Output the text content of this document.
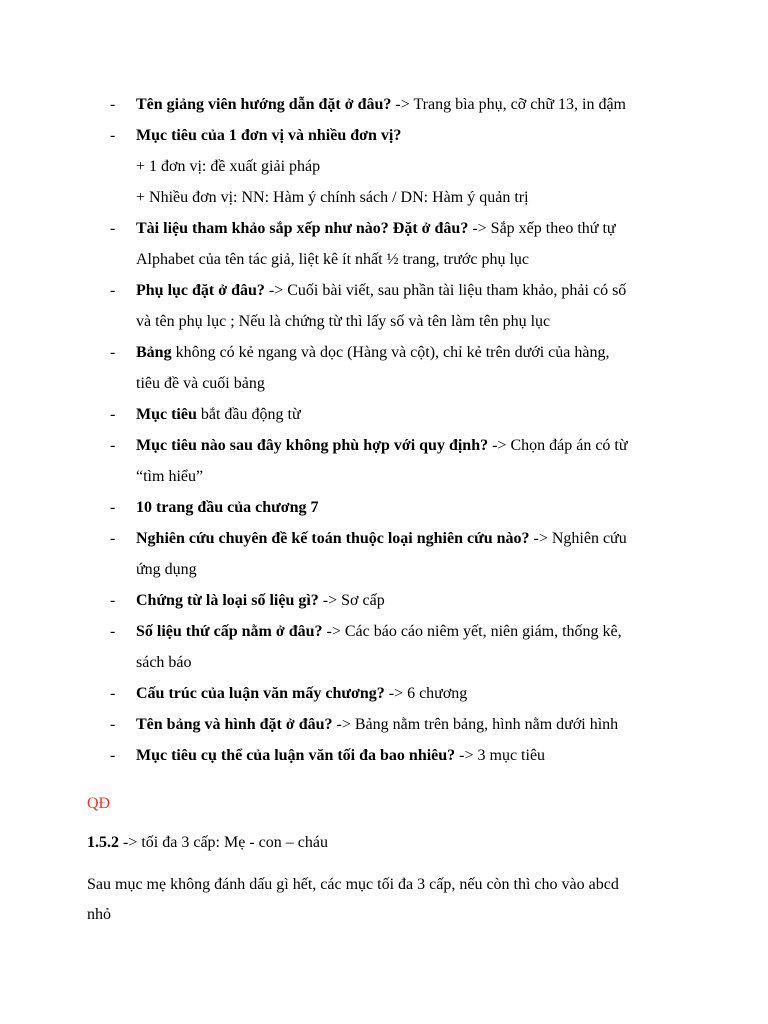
- Tên giảng viên hướng dẫn đặt ở đâu? -> Trang bìa phụ, cỡ chữ 13, in đậm
- Mục tiêu của 1 đơn vị và nhiều đơn vị?
+ 1 đơn vị: đề xuất giải pháp
+ Nhiều đơn vị: NN: Hàm ý chính sách / DN: Hàm ý quản trị
- Tài liệu tham khảo sắp xếp như nào? Đặt ở đâu? -> Sắp xếp theo thứ tự
Alphabet của tên tác giả, liệt kê ít nhất ½ trang, trước phụ lục
- Phụ lục đặt ở đâu? -> Cuối bài viết, sau phần tài liệu tham khảo, phải có số
và tên phụ lục ; Nếu là chứng từ thì lấy số và tên làm tên phụ lục
- Bảng không có kẻ ngang và dọc (Hàng và cột), chỉ kẻ trên dưới của hàng,
tiêu đề và cuối bảng
- Mục tiêu bắt đầu động từ
- Mục tiêu nào sau đây không phù hợp với quy định? -> Chọn đáp án có từ
“tìm hiểu”
- 10 trang đầu của chương 7
- Nghiên cứu chuyên đề kế toán thuộc loại nghiên cứu nào? -> Nghiên cứu
ứng dụng
- Chứng từ là loại số liệu gì? -> Sơ cấp
- Số liệu thứ cấp nằm ở đâu? -> Các báo cáo niêm yết, niên giám, thống kê,
sách báo
- Cấu trúc của luận văn mấy chương? -> 6 chương
- Tên bảng và hình đặt ở đâu? -> Bảng nằm trên bảng, hình nằm dưới hình
- Mục tiêu cụ thể của luận văn tối đa bao nhiêu? -> 3 mục tiêu
QĐ
1.5.2 -> tối đa 3 cấp: Mẹ - con – cháu
Sau mục mẹ không đánh dấu gì hết, các mục tối đa 3 cấp, nếu còn thì cho vào abcd
nhỏ
